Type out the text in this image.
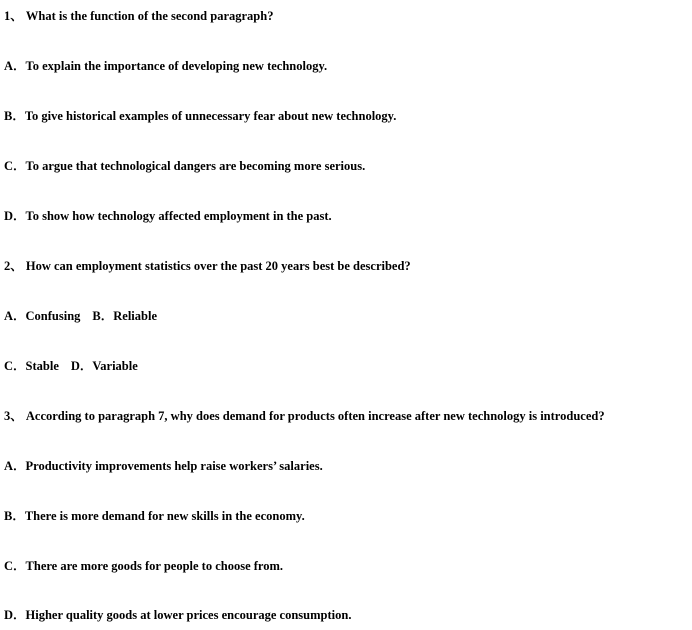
1、 What is the function of the second paragraph?
A．To explain the importance of developing new technology.
B．To give historical examples of unnecessary fear about new technology.
C．To argue that technological dangers are becoming more serious.
D．To show how technology affected employment in the past.
2、 How can employment statistics over the past 20 years best be described?
A．Confusing B．Reliable
C．Stable D．Variable
3、 According to paragraph 7, why does demand for products often increase after new technology is introduced?
A．Productivity improvements help raise workers’ salaries.
B．There is more demand for new skills in the economy.
C．There are more goods for people to choose from.
D．Higher quality goods at lower prices encourage consumption.
